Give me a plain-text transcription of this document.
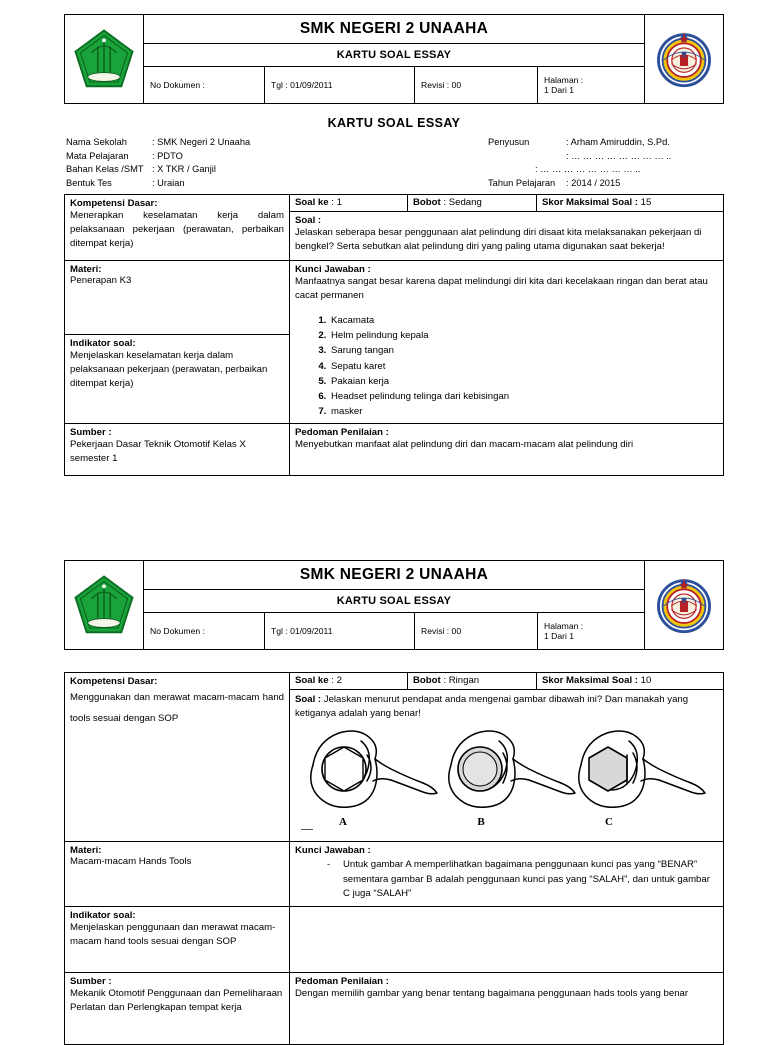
	SMK NEGERI 2 UNAAHA	
KARTU SOAL ESSAY

No Dokumen :	Tgl : 01/09/2011	Revisi : 00	Halaman :
1 Dari 1
KARTU SOAL ESSAY
Nama Sekolah	: SMK Negeri 2 Unaaha
Mata Pelajaran	: PDTO
Bahan Kelas /SMT : X TKR / Ganjil
Bentuk Tes	: Uraian
Penyusun	: Arham Amiruddin, S.Pd.
: … … … … … … … … ..
: … … … … … … … … ..
Tahun Pelajaran	: 2014 / 2015
Kompetensi Dasar:
Menerapkan keselamatan kerja dalam pelaksanaan pekerjaan (perawatan, perbaikan ditempat kerja)

Soal ke : 1	Bobot : Sedang	Skor Maksimal Soal : 15
Soal :
Jelaskan seberapa besar penggunaan alat pelindung diri disaat kita melaksanakan pekerjaan di bengkel? Serta sebutkan alat pelindung diri yang paling utama digunakan saat bekerja!

Materi:
Penerapan K3	
Kunci Jawaban :
Manfaatnya sangat besar karena dapat melindungi diri kita dari kecelakaan ringan dan berat atau cacat permanen
1. Kacamata
2. Helm pelindung kepala
3. Sarung tangan
4. Sepatu karet
5. Pakaian kerja
6. Headset pelindung telinga dari kebisingan
7. masker

Indikator soal:
Menjelaskan keselamatan kerja dalam pelaksanaan pekerjaan (perawatan, perbaikan ditempat kerja)

Sumber :
Pekerjaan Dasar Teknik Otomotif Kelas X semester 1

Pedoman Penilaian :
Menyebutkan manfaat alat pelindung diri dan macam-macam alat pelindung diri
	SMK NEGERI 2 UNAAHA	
KARTU SOAL ESSAY

No Dokumen :	Tgl : 01/09/2011	Revisi : 00	Halaman :
1 Dari 1
Kompetensi Dasar:
Menggunakan dan merawat macam-macam hand tools sesuai dengan SOP

Soal ke : 2	Bobot : Ringan	Skor Maksimal Soal : 10
Soal : Jelaskan menurut pendapat anda mengenai gambar dibawah ini? Dan manakah yang ketiganya adalah yang benar!
A	B	C

Materi:
Macam-macam Hands Tools	
Kunci Jawaban :
- Untuk gambar A memperlihatkan bagaimana penggunaan kunci pas yang “BENAR” sementara gambar B adalah penggunaan kunci pas yang “SALAH”, dan untuk gambar C juga “SALAH”

Indikator soal:
Menjelaskan penggunaan dan merawat macam-macam hand tools sesuai dengan SOP

Sumber :
Mekanik Otomotif Penggunaan dan Pemeliharaan Perlatan dan Perlengkapan tempat kerja

Pedoman Penilaian :
Dengan memilih gambar yang benar tentang bagaimana penggunaan hads tools yang benar
